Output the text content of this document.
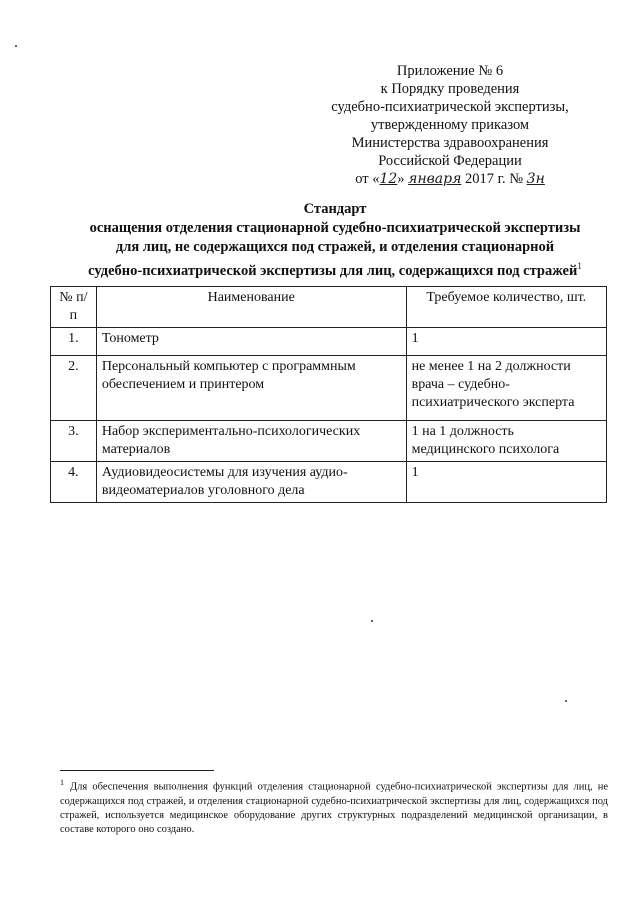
Приложение № 6
к Порядку проведения
судебно-психиатрической экспертизы,
утвержденному приказом
Министерства здравоохранения
Российской Федерации
от «12» января 2017 г. № 3н
Стандарт
оснащения отделения стационарной судебно-психиатрической экспертизы
для лиц, не содержащихся под стражей, и отделения стационарной
судебно-психиатрической экспертизы для лиц, содержащихся под стражей$^1$
№ п/п	Наименование	Требуемое количество, шт.
1.	Тонометр	1
2.	Персональный компьютер с программным обеспечением и принтером	не менее 1 на 2 должности врача – судебно-психиатрического эксперта
3.	Набор экспериментально-психологических материалов	1 на 1 должность медицинского психолога
4.	Аудиовидеосистемы для изучения аудио-видеоматериалов уголовного дела	1
$^1$ Для обеспечения выполнения функций отделения стационарной судебно-психиатрической экспертизы для лиц, не содержащихся под стражей, и отделения стационарной судебно-психиатрической экспертизы для лиц, содержащихся под стражей, используется медицинское оборудование других структурных подразделений медицинской организации, в составе которого оно создано.
